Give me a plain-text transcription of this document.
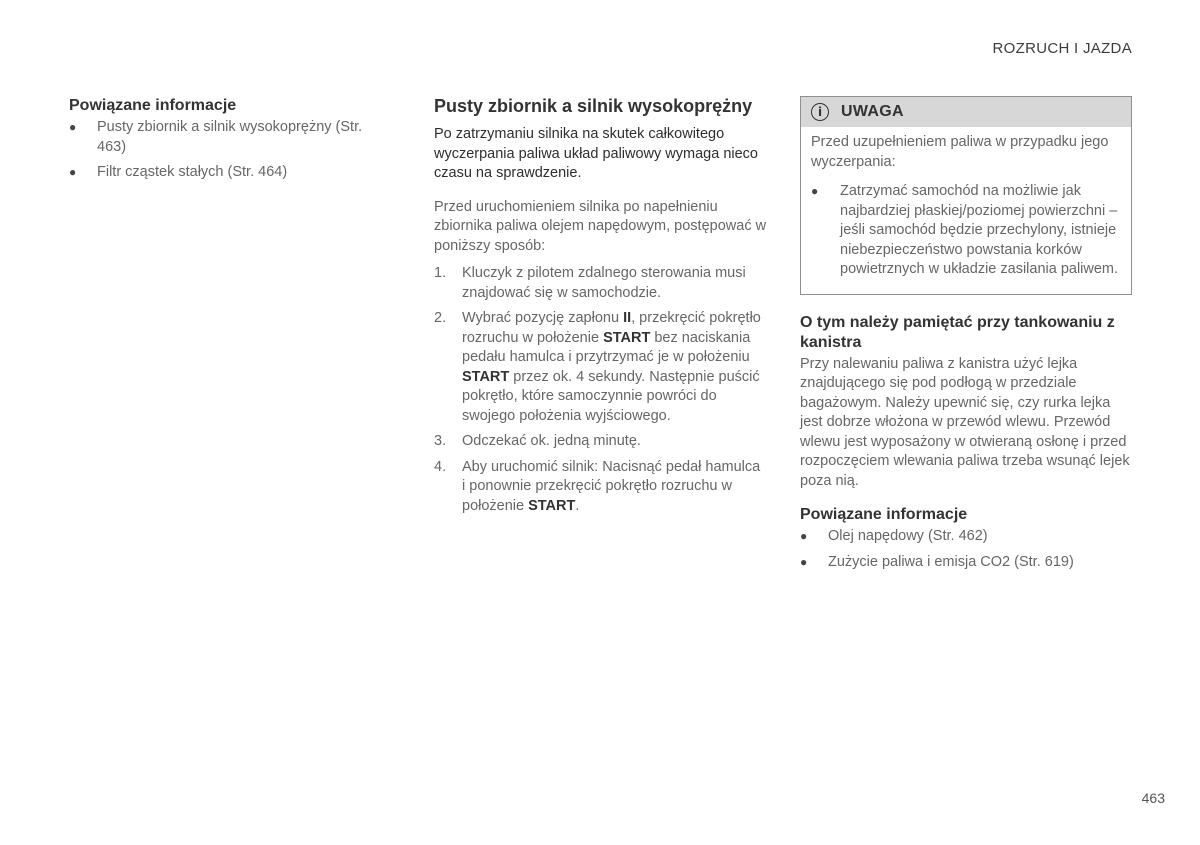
ROZRUCH I JAZDA
Powiązane informacje
● Pusty zbiornik a silnik wysokoprężny (Str. 463)
● Filtr cząstek stałych (Str. 464)
Pusty zbiornik a silnik wysokoprężny

Po zatrzymaniu silnika na skutek całkowitego wyczerpania paliwa układ paliwowy wymaga nieco czasu na sprawdzenie.

Przed uruchomieniem silnika po napełnieniu zbiornika paliwa olejem napędowym, postępować w poniższy sposób:

1. Kluczyk z pilotem zdalnego sterowania musi znajdować się w samochodzie.
2. Wybrać pozycję zapłonu II, przekręcić pokrętło rozruchu w położenie START bez naciskania pedału hamulca i przytrzymać je w położeniu START przez ok. 4 sekundy. Następnie puścić pokrętło, które samoczynnie powróci do swojego położenia wyjściowego.
3. Odczekać ok. jedną minutę.
4. Aby uruchomić silnik: Nacisnąć pedał hamulca i ponownie przekręcić pokrętło rozruchu w położenie START.
i	UWAGA

Przed uzupełnieniem paliwa w przypadku jego wyczerpania:

● Zatrzymać samochód na możliwie jak najbardziej płaskiej/poziomej powierzchni – jeśli samochód będzie przechylony, istnieje niebezpieczeństwo powstania korków powietrznych w układzie zasilania paliwem.
O tym należy pamiętać przy tankowaniu z kanistra

Przy nalewaniu paliwa z kanistra użyć lejka znajdującego się pod podłogą w przedziale bagażowym. Należy upewnić się, czy rurka lejka jest dobrze włożona w przewód wlewu. Przewód wlewu jest wyposażony w otwieraną osłonę i przed rozpoczęciem wlewania paliwa trzeba wsunąć lejek poza nią.

Powiązane informacje
● Olej napędowy (Str. 462)
● Zużycie paliwa i emisja CO2 (Str. 619)
463
